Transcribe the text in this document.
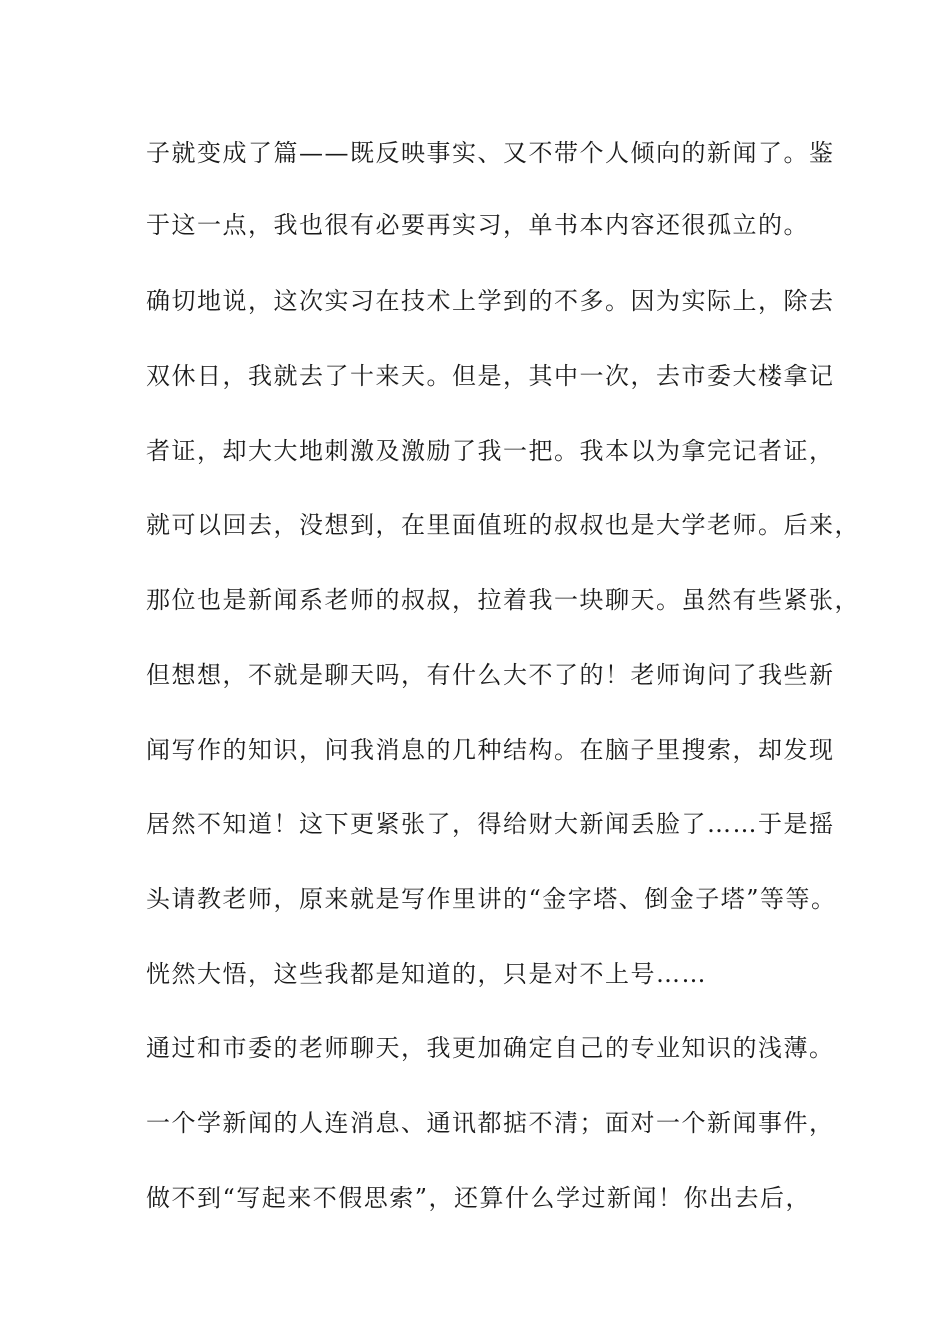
子就变成了篇——既反映事实、又不带个人倾向的新闻了。鉴
于这一点，我也很有必要再实习，单书本内容还很孤立的。
确切地说，这次实习在技术上学到的不多。因为实际上，除去
双休日，我就去了十来天。但是，其中一次，去市委大楼拿记
者证，却大大地刺激及激励了我一把。我本以为拿完记者证，
就可以回去，没想到，在里面值班的叔叔也是大学老师。后来，
那位也是新闻系老师的叔叔，拉着我一块聊天。虽然有些紧张，
但想想，不就是聊天吗，有什么大不了的！老师询问了我些新
闻写作的知识，问我消息的几种结构。在脑子里搜索，却发现
居然不知道！这下更紧张了，得给财大新闻丢脸了……于是摇
头请教老师，原来就是写作里讲的“金字塔、倒金子塔”等等。
恍然大悟，这些我都是知道的，只是对不上号……
通过和市委的老师聊天，我更加确定自己的专业知识的浅薄。
一个学新闻的人连消息、通讯都掂不清；面对一个新闻事件，
做不到“写起来不假思索”，还算什么学过新闻！你出去后，
